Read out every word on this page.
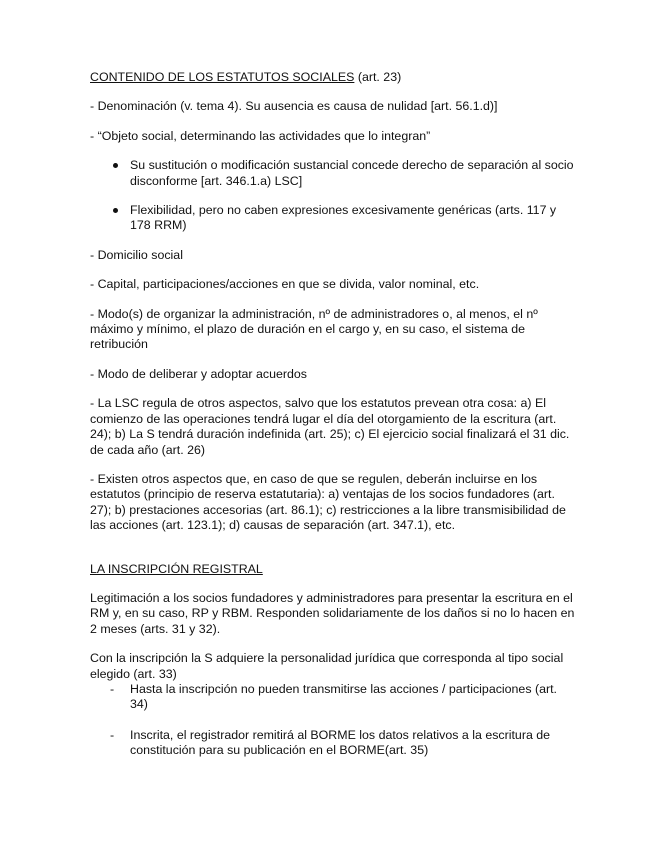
CONTENIDO DE LOS ESTATUTOS SOCIALES (art. 23)

- Denominación (v. tema 4). Su ausencia es causa de nulidad [art. 56.1.d)]

- “Objeto social, determinando las actividades que lo integran”

Su sustitución o modificación sustancial concede derecho de separación al socio disconforme [art. 346.1.a) LSC]
Flexibilidad, pero no caben expresiones excesivamente genéricas (arts. 117 y 178 RRM)

- Domicilio social

- Capital, participaciones/acciones en que se divida, valor nominal, etc.

- Modo(s) de organizar la administración, nº de administradores o, al menos, el nº máximo y mínimo, el plazo de duración en el cargo y, en su caso, el sistema de retribución

- Modo de deliberar y adoptar acuerdos

- La LSC regula de otros aspectos, salvo que los estatutos prevean otra cosa: a) El comienzo de las operaciones tendrá lugar el día del otorgamiento de la escritura (art. 24); b) La S tendrá duración indefinida (art. 25); c) El ejercicio social finalizará el 31 dic. de cada año (art. 26)

- Existen otros aspectos que, en caso de que se regulen, deberán incluirse en los estatutos (principio de reserva estatutaria): a) ventajas de los socios fundadores (art. 27); b) prestaciones accesorias (art. 86.1); c) restricciones a la libre transmisibilidad de las acciones (art. 123.1); d) causas de separación (art. 347.1), etc.

LA INSCRIPCIÓN REGISTRAL

Legitimación a los socios fundadores y administradores para presentar la escritura en el RM y, en su caso, RP y RBM. Responden solidariamente de los daños si no lo hacen en 2 meses (arts. 31 y 32).

Con la inscripción la S adquiere la personalidad jurídica que corresponda al tipo social elegido (art. 33)

- Hasta la inscripción no pueden transmitirse las acciones / participaciones (art. 34)
- Inscrita, el registrador remitirá al BORME los datos relativos a la escritura de constitución para su publicación en el BORME(art. 35)
